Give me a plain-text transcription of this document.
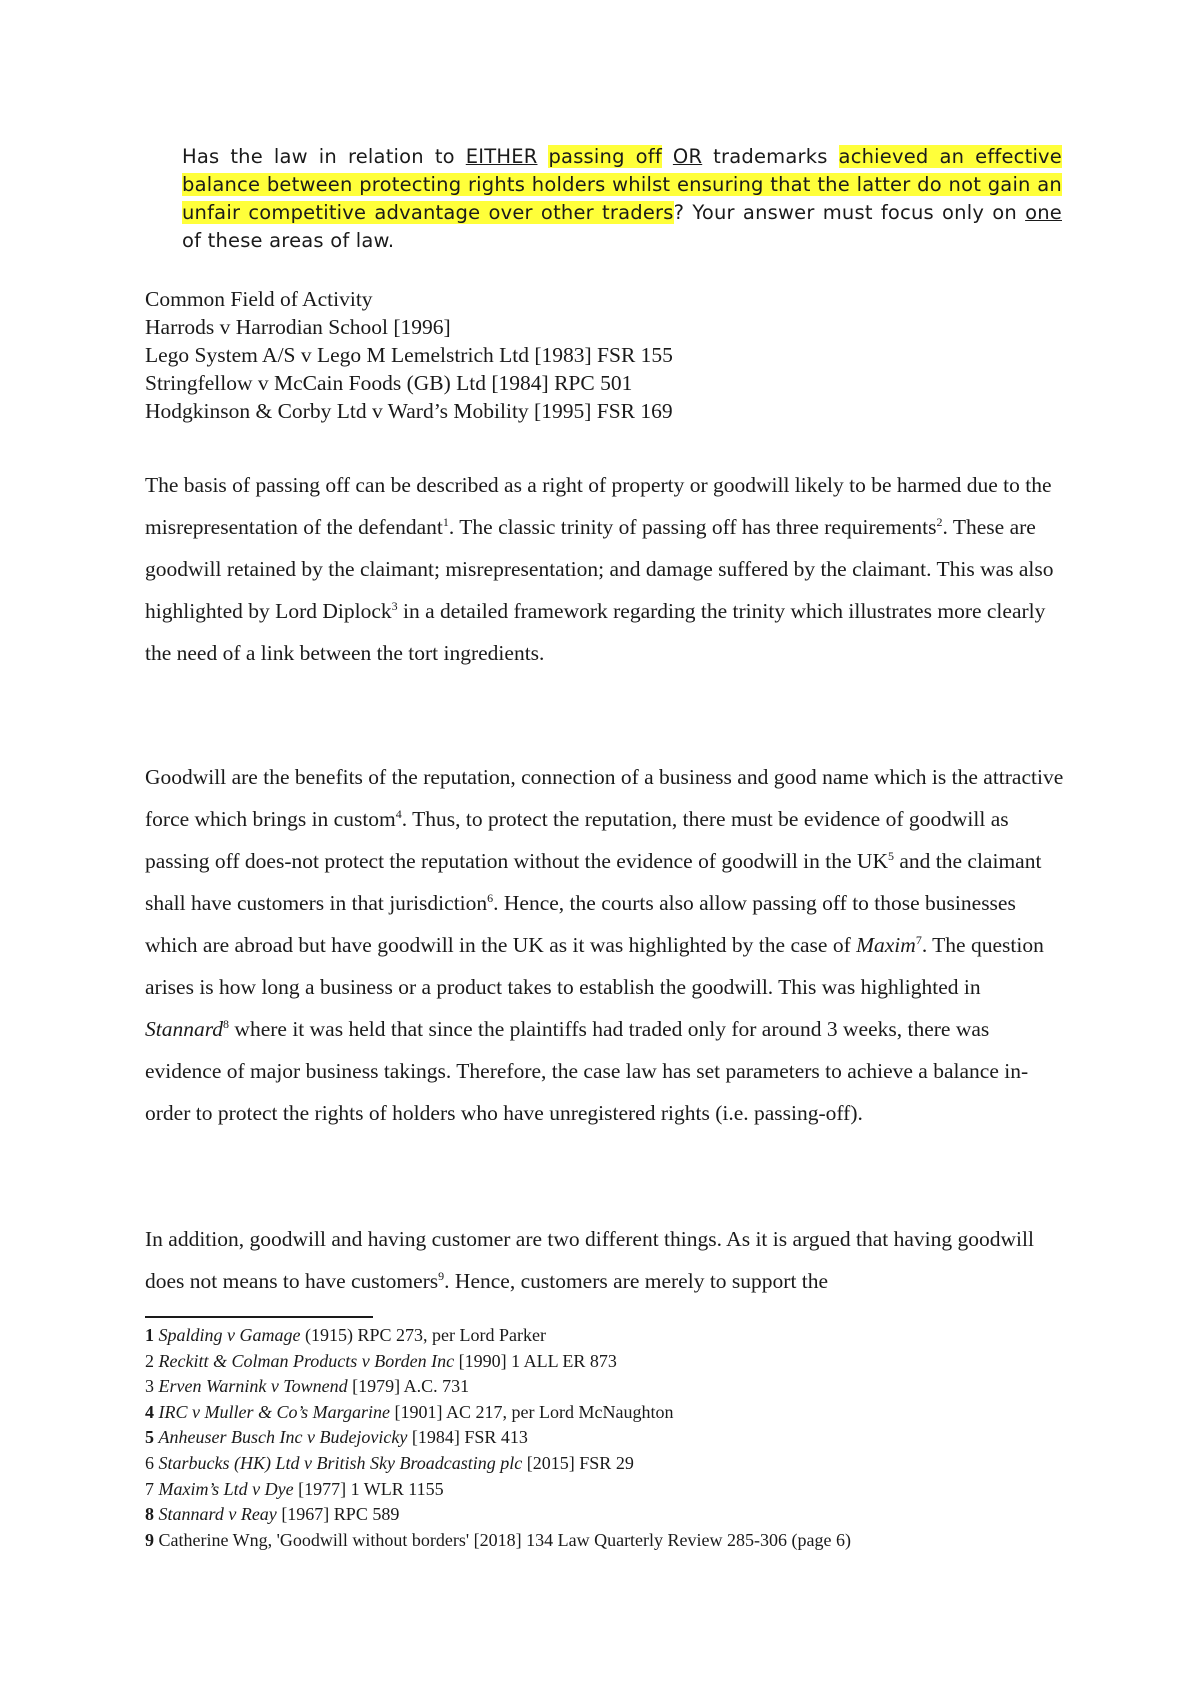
Has the law in relation to EITHER passing off OR trademarks achieved an effective balance between protecting rights holders whilst ensuring that the latter do not gain an unfair competitive advantage over other traders? Your answer must focus only on one of these areas of law.
Common Field of Activity
Harrods v Harrodian School [1996]
Lego System A/S v Lego M Lemelstrich Ltd [1983] FSR 155
Stringfellow v McCain Foods (GB) Ltd [1984] RPC 501
Hodgkinson & Corby Ltd v Ward’s Mobility [1995] FSR 169
The basis of passing off can be described as a right of property or goodwill likely to be harmed due to the misrepresentation of the defendant$^1$. The classic trinity of passing off has three requirements$^2$. These are goodwill retained by the claimant; misrepresentation; and damage suffered by the claimant. This was also highlighted by Lord Diplock$^3$ in a detailed framework regarding the trinity which illustrates more clearly the need of a link between the tort ingredients.
Goodwill are the benefits of the reputation, connection of a business and good name which is the attractive force which brings in custom$^4$. Thus, to protect the reputation, there must be evidence of goodwill as passing off does-not protect the reputation without the evidence of goodwill in the $UK^5$ and the claimant shall have customers in that jurisdiction$^6$. Hence, the courts also allow passing off to those businesses which are abroad but have goodwill in the UK as it was highlighted by the case of Maxim$^7$. The question arises is how long a business or a product takes to establish the goodwill. This was highlighted in Stannard$^8$ where it was held that since the plaintiffs had traded only for around 3 weeks, there was evidence of major business takings. Therefore, the case law has set parameters to achieve a balance in-order to protect the rights of holders who have unregistered rights (i.e. passing-off).
In addition, goodwill and having customer are two different things. As it is argued that having goodwill does not means to have customers$^9$. Hence, customers are merely to support the
1 Spalding v Gamage (1915) RPC 273, per Lord Parker
2 Reckitt & Colman Products v Borden Inc [1990] 1 ALL ER 873
3 Erven Warnink v Townend [1979] A.C. 731
4 IRC v Muller & Co’s Margarine [1901] AC 217, per Lord McNaughton
5 Anheuser Busch Inc v Budejovicky [1984] FSR 413
6 Starbucks (HK) Ltd v British Sky Broadcasting plc [2015] FSR 29
7 Maxim’s Ltd v Dye [1977] 1 WLR 1155
8 Stannard v Reay [1967] RPC 589
9 Catherine Wng, 'Goodwill without borders' [2018] 134 Law Quarterly Review 285-306 (page 6)
